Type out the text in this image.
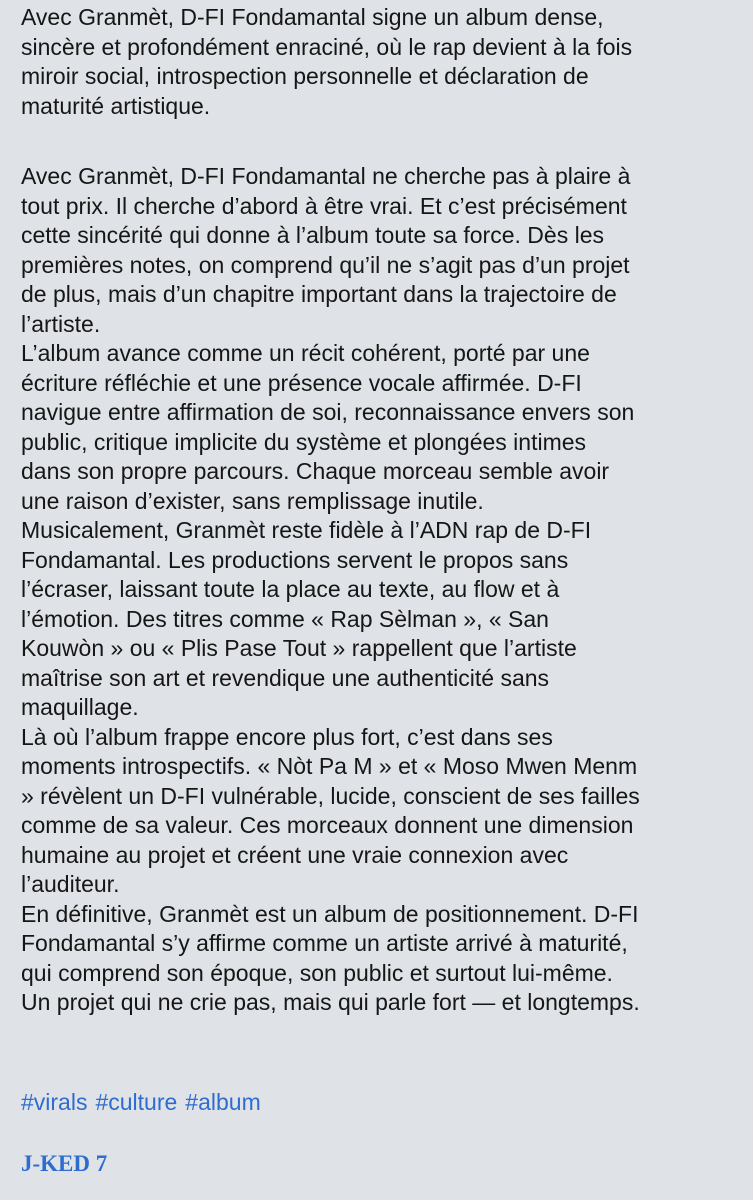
Avec Granmèt, D-FI Fondamantal signe un album dense,
sincère et profondément enraciné, où le rap devient à la fois
miroir social, introspection personnelle et déclaration de
maturité artistique.
Avec Granmèt, D-FI Fondamantal ne cherche pas à plaire à
tout prix. Il cherche d’abord à être vrai. Et c’est précisément
cette sincérité qui donne à l’album toute sa force. Dès les
premières notes, on comprend qu’il ne s’agit pas d’un projet
de plus, mais d’un chapitre important dans la trajectoire de
l’artiste.
L’album avance comme un récit cohérent, porté par une
écriture réfléchie et une présence vocale affirmée. D-FI
navigue entre affirmation de soi, reconnaissance envers son
public, critique implicite du système et plongées intimes
dans son propre parcours. Chaque morceau semble avoir
une raison d’exister, sans remplissage inutile.
Musicalement, Granmèt reste fidèle à l’ADN rap de D-FI
Fondamantal. Les productions servent le propos sans
l’écraser, laissant toute la place au texte, au flow et à
l’émotion. Des titres comme « Rap Sèlman », « San
Kouwòn » ou « Plis Pase Tout » rappellent que l’artiste
maîtrise son art et revendique une authenticité sans
maquillage.
Là où l’album frappe encore plus fort, c’est dans ses
moments introspectifs. « Nòt Pa M » et « Moso Mwen Menm
» révèlent un D-FI vulnérable, lucide, conscient de ses failles
comme de sa valeur. Ces morceaux donnent une dimension
humaine au projet et créent une vraie connexion avec
l’auditeur.
En définitive, Granmèt est un album de positionnement. D-FI
Fondamantal s’y affirme comme un artiste arrivé à maturité,
qui comprend son époque, son public et surtout lui-même.
Un projet qui ne crie pas, mais qui parle fort — et longtemps.
#virals #culture #album
J-KED 7
